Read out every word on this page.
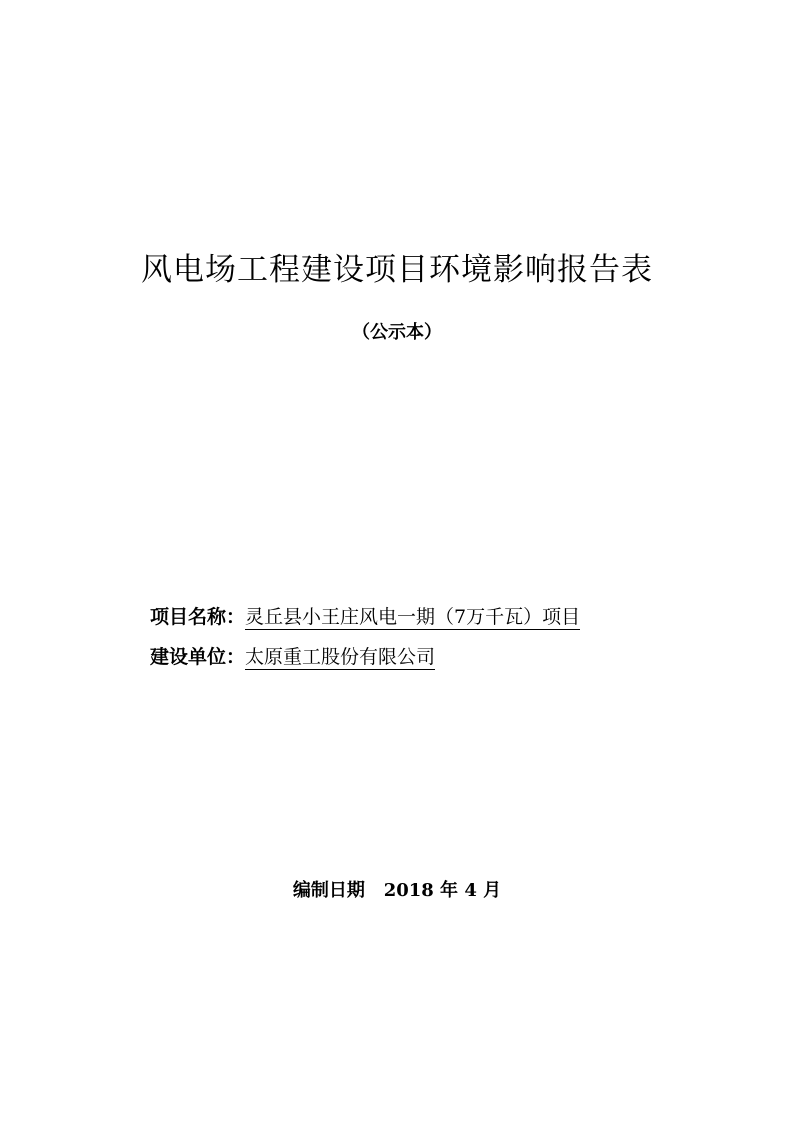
风电场工程建设项目环境影响报告表
（公示本）
项目名称：灵丘县小王庄风电一期（7万千瓦）项目
建设单位：太原重工股份有限公司
编制日期 2018 年 4 月
